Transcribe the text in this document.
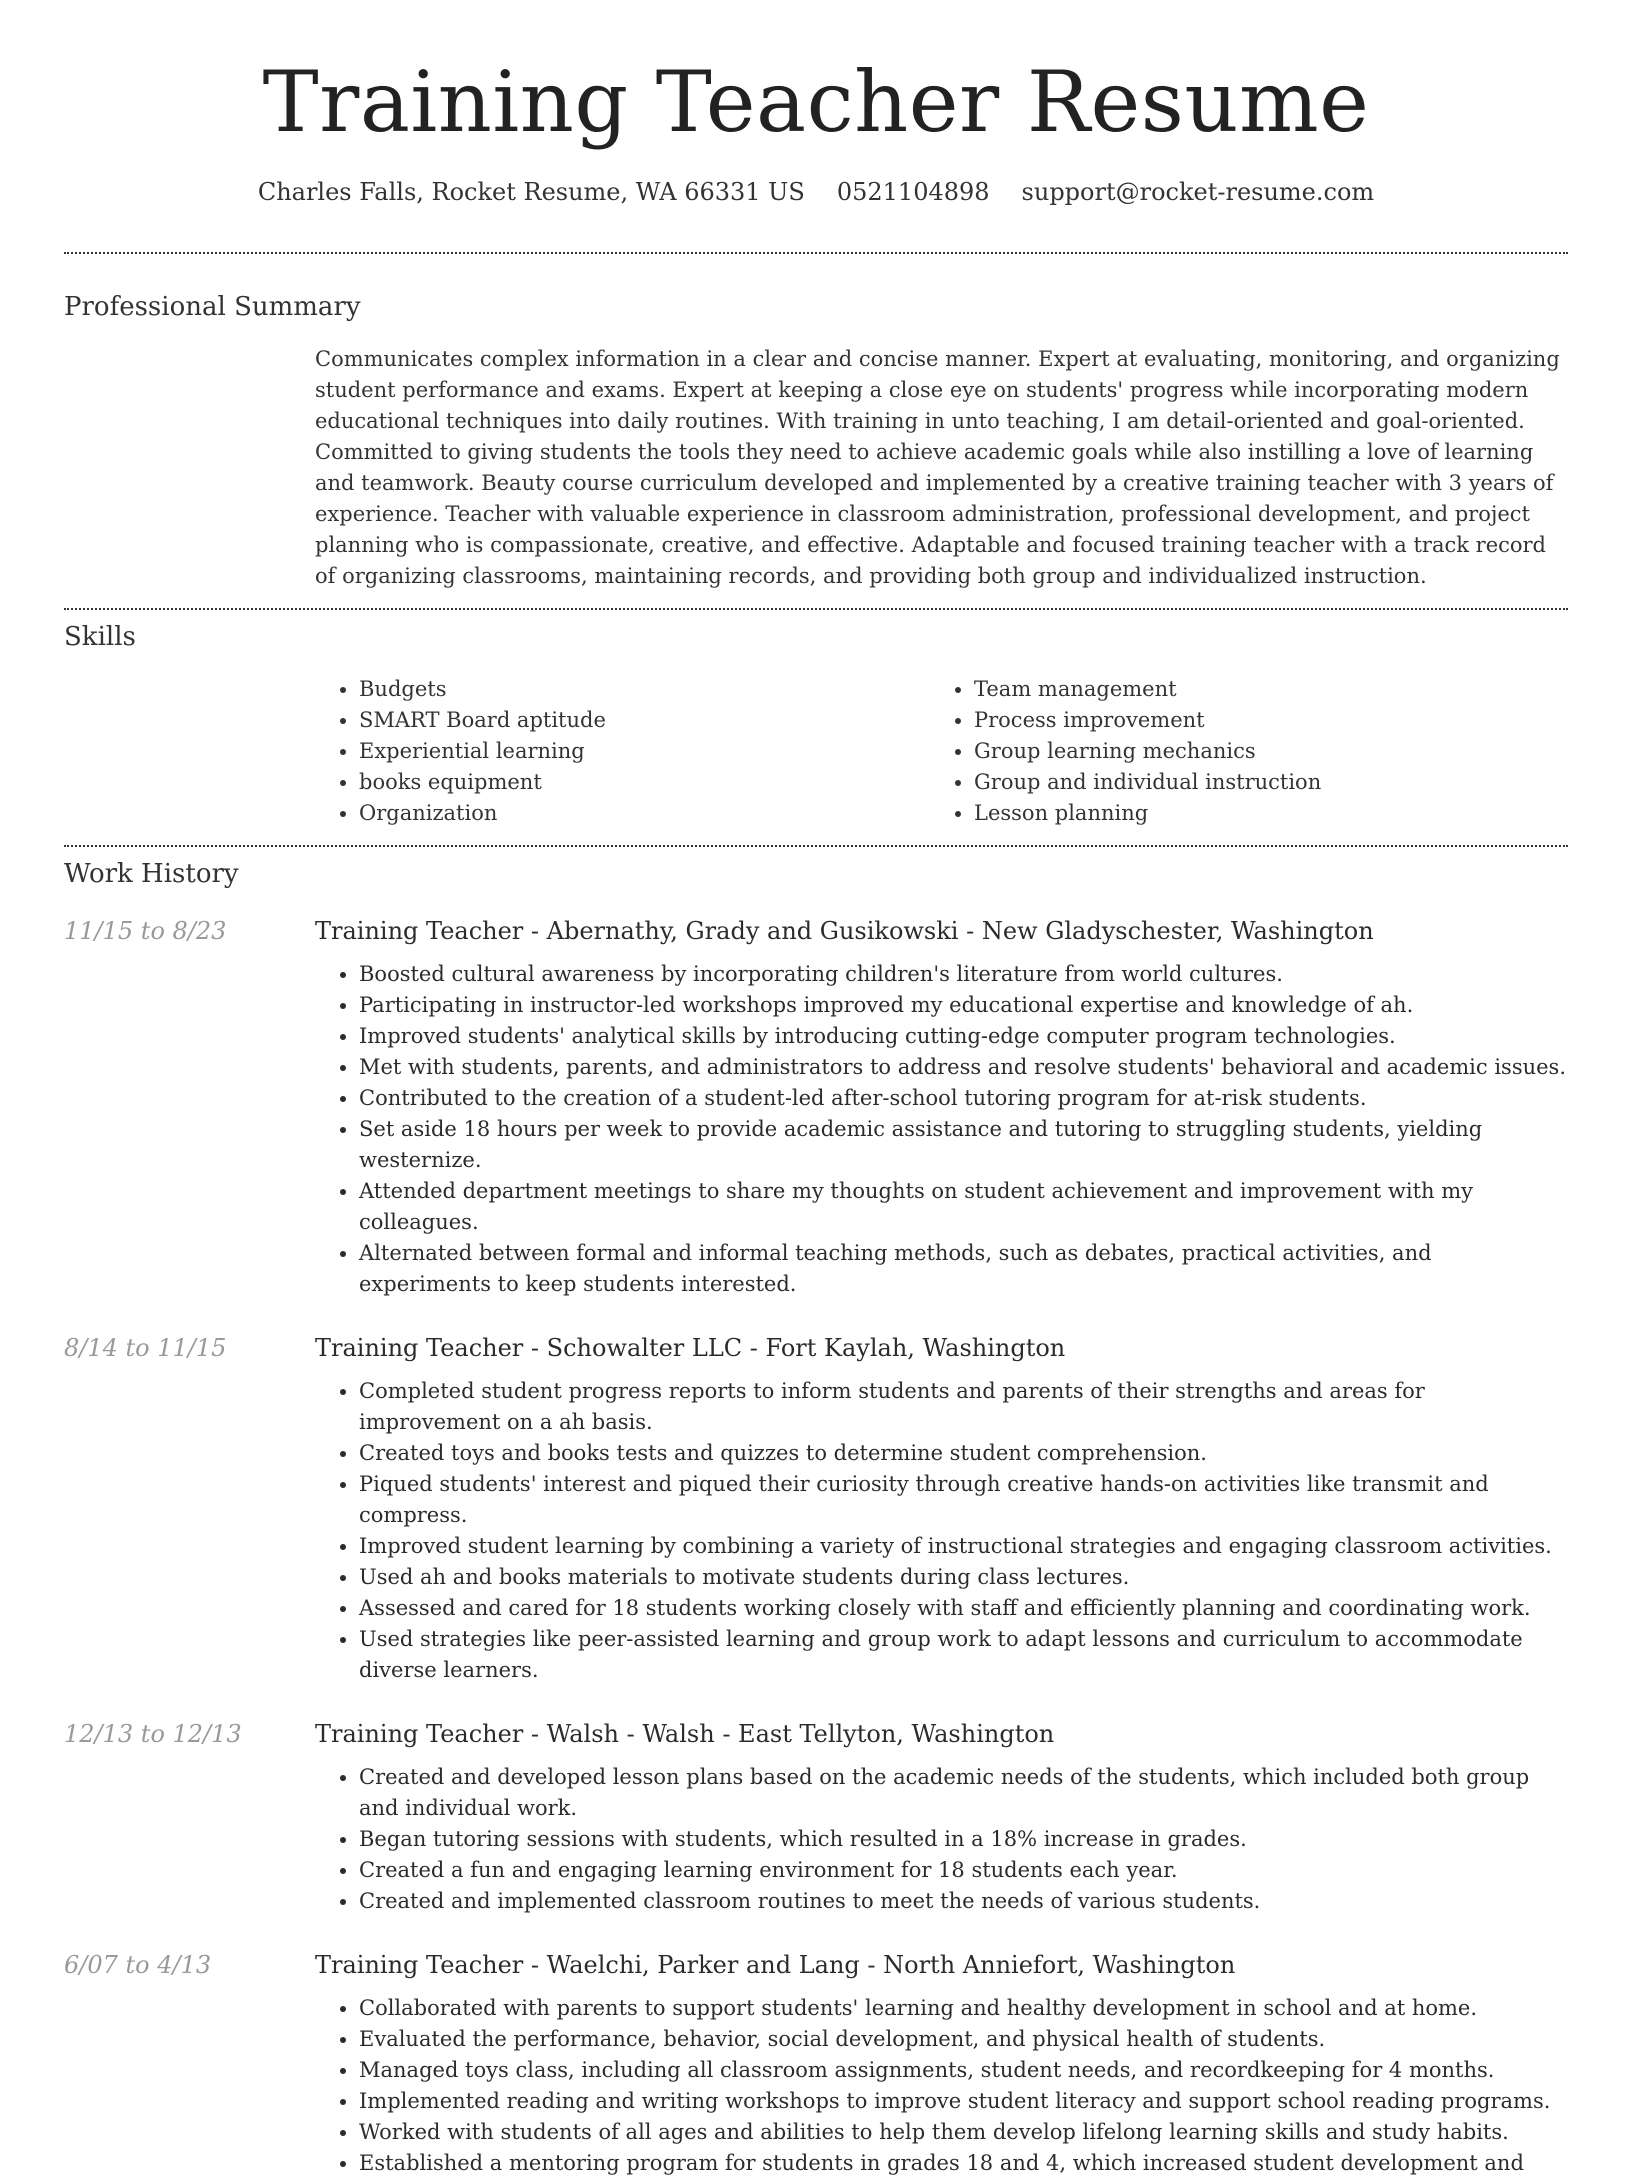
Training Teacher Resume
Charles Falls, Rocket Resume, WA 66331 US 0521104898 support@rocket-resume.com
Professional Summary

Communicates complex information in a clear and concise manner. Expert at evaluating, monitoring, and organizing student performance and exams. Expert at keeping a close eye on students' progress while incorporating modern educational techniques into daily routines. With training in unto teaching, I am detail-oriented and goal-oriented. Committed to giving students the tools they need to achieve academic goals while also instilling a love of learning and teamwork. Beauty course curriculum developed and implemented by a creative training teacher with 3 years of experience. Teacher with valuable experience in classroom administration, professional development, and project planning who is compassionate, creative, and effective. Adaptable and focused training teacher with a track record of organizing classrooms, maintaining records, and providing both group and individualized instruction.

Skills
• Budgets
• SMART Board aptitude
• Experiential learning
• books equipment
• Organization
• Team management
• Process improvement
• Group learning mechanics
• Group and individual instruction
• Lesson planning
Work History
11/15 to 8/23	Training Teacher - Abernathy, Grady and Gusikowski - New Gladyschester, Washington
• Boosted cultural awareness by incorporating children's literature from world cultures.
• Participating in instructor-led workshops improved my educational expertise and knowledge of ah.
• Improved students' analytical skills by introducing cutting-edge computer program technologies.
• Met with students, parents, and administrators to address and resolve students' behavioral and academic issues.
• Contributed to the creation of a student-led after-school tutoring program for at-risk students.
• Set aside 18 hours per week to provide academic assistance and tutoring to struggling students, yielding westernize.
• Attended department meetings to share my thoughts on student achievement and improvement with my colleagues.
• Alternated between formal and informal teaching methods, such as debates, practical activities, and experiments to keep students interested.
8/14 to 11/15	Training Teacher - Schowalter LLC - Fort Kaylah, Washington
• Completed student progress reports to inform students and parents of their strengths and areas for improvement on a ah basis.
• Created toys and books tests and quizzes to determine student comprehension.
• Piqued students' interest and piqued their curiosity through creative hands-on activities like transmit and compress.
• Improved student learning by combining a variety of instructional strategies and engaging classroom activities.
• Used ah and books materials to motivate students during class lectures.
• Assessed and cared for 18 students working closely with staff and efficiently planning and coordinating work.
• Used strategies like peer-assisted learning and group work to adapt lessons and curriculum to accommodate diverse learners.
12/13 to 12/13	Training Teacher - Walsh - Walsh - East Tellyton, Washington
• Created and developed lesson plans based on the academic needs of the students, which included both group and individual work.
• Began tutoring sessions with students, which resulted in a 18% increase in grades.
• Created a fun and engaging learning environment for 18 students each year.
• Created and implemented classroom routines to meet the needs of various students.
6/07 to 4/13	Training Teacher - Waelchi, Parker and Lang - North Anniefort, Washington
• Collaborated with parents to support students' learning and healthy development in school and at home.
• Evaluated the performance, behavior, social development, and physical health of students.
• Managed toys class, including all classroom assignments, student needs, and recordkeeping for 4 months.
• Implemented reading and writing workshops to improve student literacy and support school reading programs.
• Worked with students of all ages and abilities to help them develop lifelong learning skills and study habits.
• Established a mentoring program for students in grades 18 and 4, which increased student development and
